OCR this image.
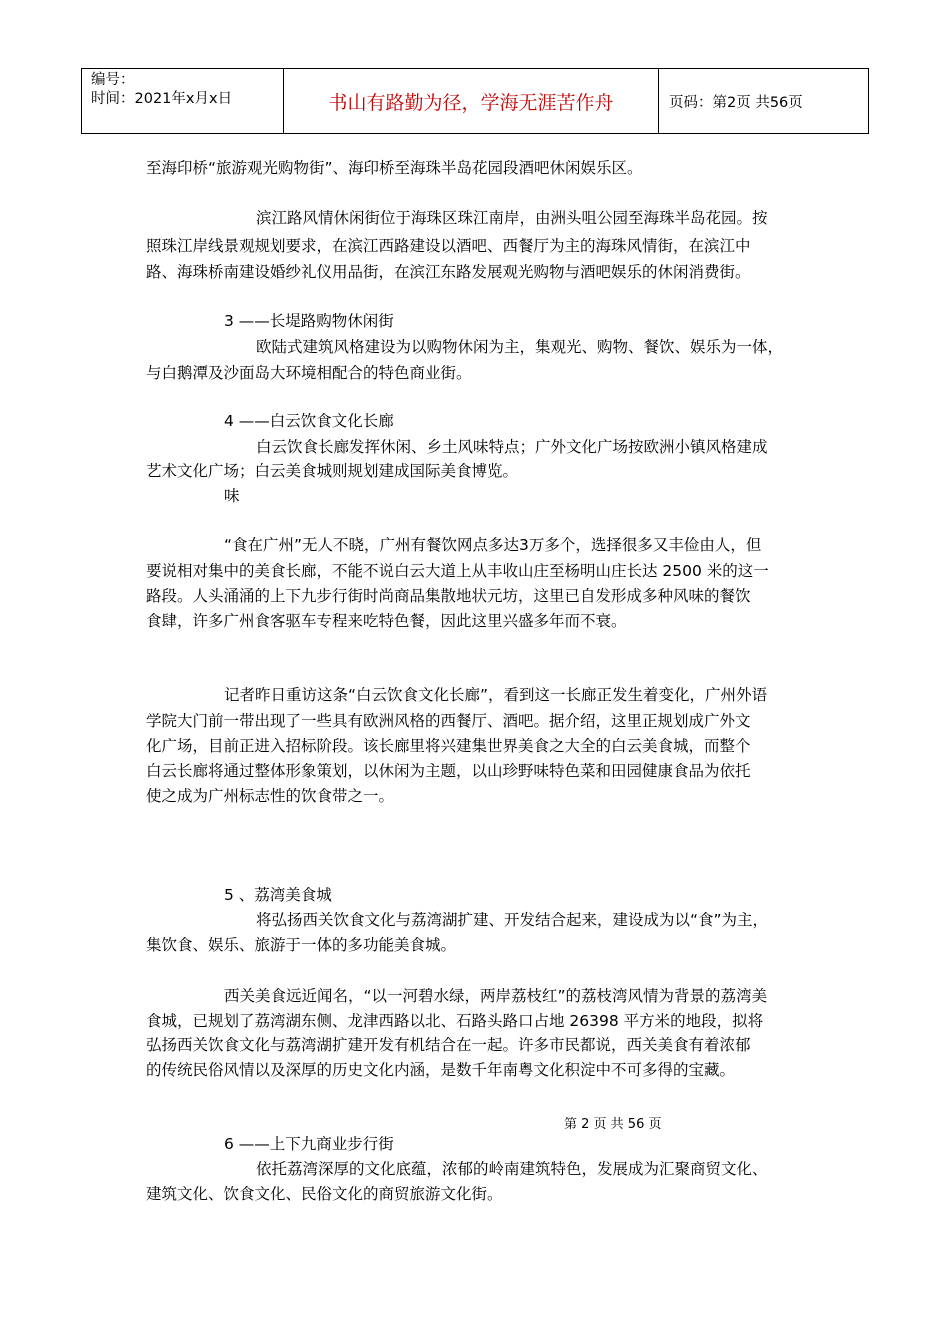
编号：
时间：2021年x月x日	书山有路勤为径，学海无涯苦作舟	页码：第2页 共56页
至海印桥“旅游观光购物街”、海印桥至海珠半岛花园段酒吧休闲娱乐区。
滨江路风情休闲街位于海珠区珠江南岸，由洲头咀公园至海珠半岛花园。按
照珠江岸线景观规划要求，在滨江西路建设以酒吧、西餐厅为主的海珠风情街，在滨江中
路、海珠桥南建设婚纱礼仪用品街，在滨江东路发展观光购物与酒吧娱乐的休闲消费街。
3 ——长堤路购物休闲街
欧陆式建筑风格建设为以购物休闲为主，集观光、购物、餐饮、娱乐为一体，
与白鹅潭及沙面岛大环境相配合的特色商业街。
4 ——白云饮食文化长廊
白云饮食长廊发挥休闲、乡土风味特点；广外文化广场按欧洲小镇风格建成
艺术文化广场；白云美食城则规划建成国际美食博览。
味
“食在广州”无人不晓，广州有餐饮网点多达3万多个，选择很多又丰俭由人，但
要说相对集中的美食长廊，不能不说白云大道上从丰收山庄至杨明山庄长达 2500 米的这一
路段。人头涌涌的上下九步行街时尚商品集散地状元坊，这里已自发形成多种风味的餐饮
食肆，许多广州食客驱车专程来吃特色餐，因此这里兴盛多年而不衰。
记者昨日重访这条“白云饮食文化长廊”，看到这一长廊正发生着变化，广州外语
学院大门前一带出现了一些具有欧洲风格的西餐厅、酒吧。据介绍，这里正规划成广外文
化广场，目前正进入招标阶段。该长廊里将兴建集世界美食之大全的白云美食城，而整个
白云长廊将通过整体形象策划，以休闲为主题，以山珍野味特色菜和田园健康食品为依托
使之成为广州标志性的饮食带之一。
5 、荔湾美食城
将弘扬西关饮食文化与荔湾湖扩建、开发结合起来，建设成为以“食”为主，
集饮食、娱乐、旅游于一体的多功能美食城。
西关美食远近闻名，“以一河碧水绿，两岸荔枝红”的荔枝湾风情为背景的荔湾美
食城，已规划了荔湾湖东侧、龙津西路以北、石路头路口占地 26398 平方米的地段，拟将
弘扬西关饮食文化与荔湾湖扩建开发有机结合在一起。许多市民都说，西关美食有着浓郁
的传统民俗风情以及深厚的历史文化内涵，是数千年南粤文化积淀中不可多得的宝藏。
6 ——上下九商业步行街
依托荔湾深厚的文化底蕴，浓郁的岭南建筑特色，发展成为汇聚商贸文化、
建筑文化、饮食文化、民俗文化的商贸旅游文化街。
第 2 页 共 56 页
